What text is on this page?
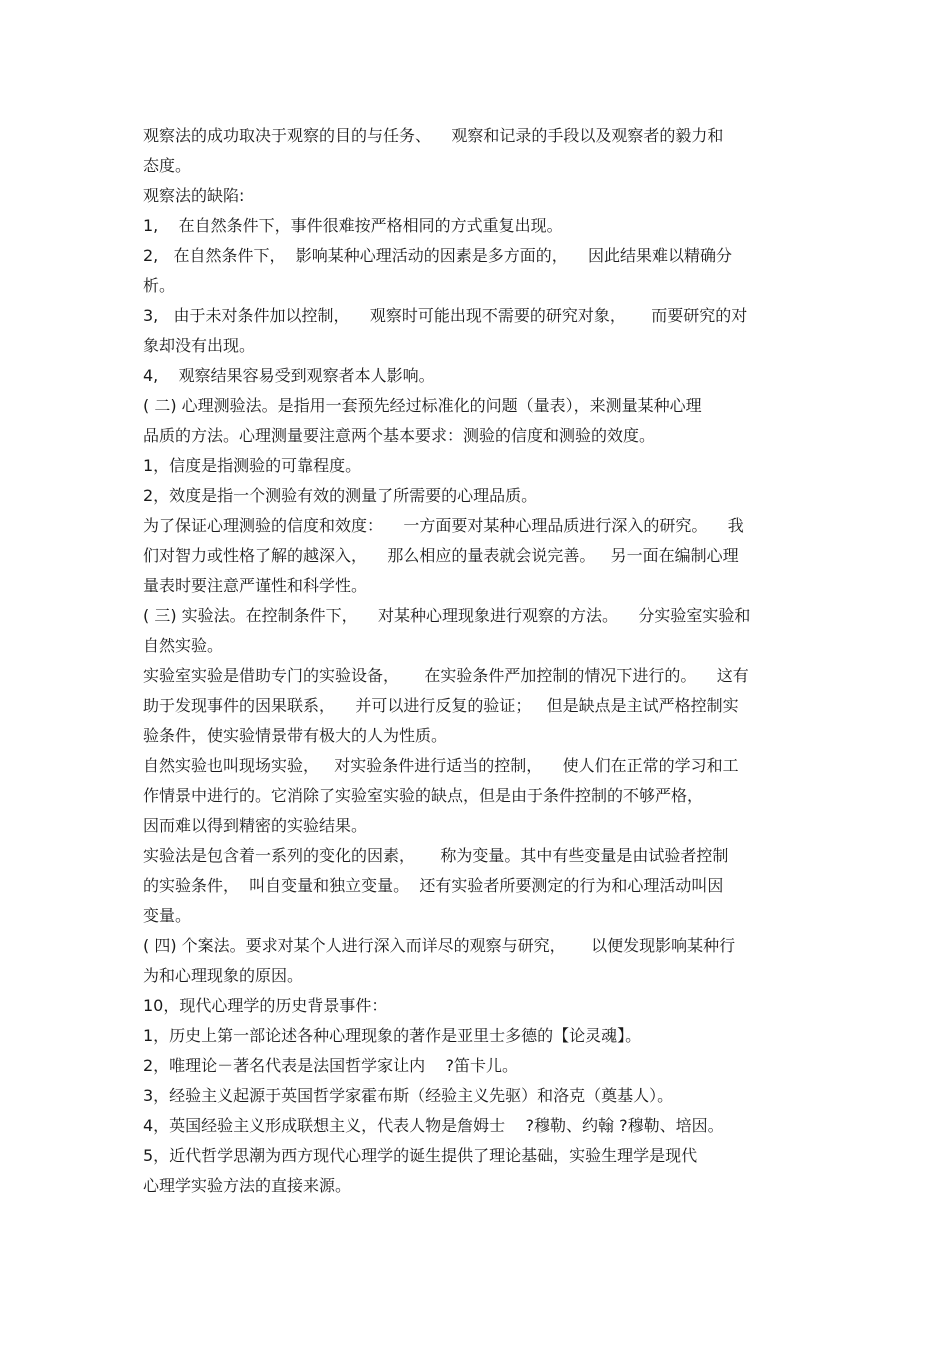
观察法的成功取决于观察的目的与任务、    观察和记录的手段以及观察者的毅力和
态度。
观察法的缺陷:
1,    在自然条件下，事件很难按严格相同的方式重复出现。
2,   在自然条件下，  影响某种心理活动的因素是多方面的，    因此结果难以精确分
析。
3,   由于未对条件加以控制，    观察时可能出现不需要的研究对象，     而要研究的对
象却没有出现。
4,    观察结果容易受到观察者本人影响。
( 二) 心理测验法。是指用一套预先经过标准化的问题（量表），来测量某种心理
品质的方法。心理测量要注意两个基本要求：测验的信度和测验的效度。
1，信度是指测验的可靠程度。
2，效度是指一个测验有效的测量了所需要的心理品质。
为了保证心理测验的信度和效度：    一方面要对某种心理品质进行深入的研究。    我
们对智力或性格了解的越深入，    那么相应的量表就会说完善。   另一面在编制心理
量表时要注意严谨性和科学性。
( 三) 实验法。在控制条件下，    对某种心理现象进行观察的方法。    分实验室实验和
自然实验。
实验室实验是借助专门的实验设备，     在实验条件严加控制的情况下进行的。    这有
助于发现事件的因果联系，    并可以进行反复的验证；   但是缺点是主试严格控制实
验条件，使实验情景带有极大的人为性质。
自然实验也叫现场实验，   对实验条件进行适当的控制，    使人们在正常的学习和工
作情景中进行的。它消除了实验室实验的缺点，但是由于条件控制的不够严格，
因而难以得到精密的实验结果。
实验法是包含着一系列的变化的因素，     称为变量。其中有些变量是由试验者控制
的实验条件，  叫自变量和独立变量。  还有实验者所要测定的行为和心理活动叫因
变量。
( 四) 个案法。要求对某个人进行深入而详尽的观察与研究，     以便发现影响某种行
为和心理现象的原因。
10，现代心理学的历史背景事件：
1，历史上第一部论述各种心理现象的著作是亚里士多德的【论灵魂】。
2，唯理论－著名代表是法国哲学家让内    ?笛卡儿。
3，经验主义起源于英国哲学家霍布斯（经验主义先驱）和洛克（奠基人）。
4，英国经验主义形成联想主义，代表人物是詹姆士    ?穆勒、约翰 ?穆勒、培因。
5，近代哲学思潮为西方现代心理学的诞生提供了理论基础，实验生理学是现代
心理学实验方法的直接来源。
